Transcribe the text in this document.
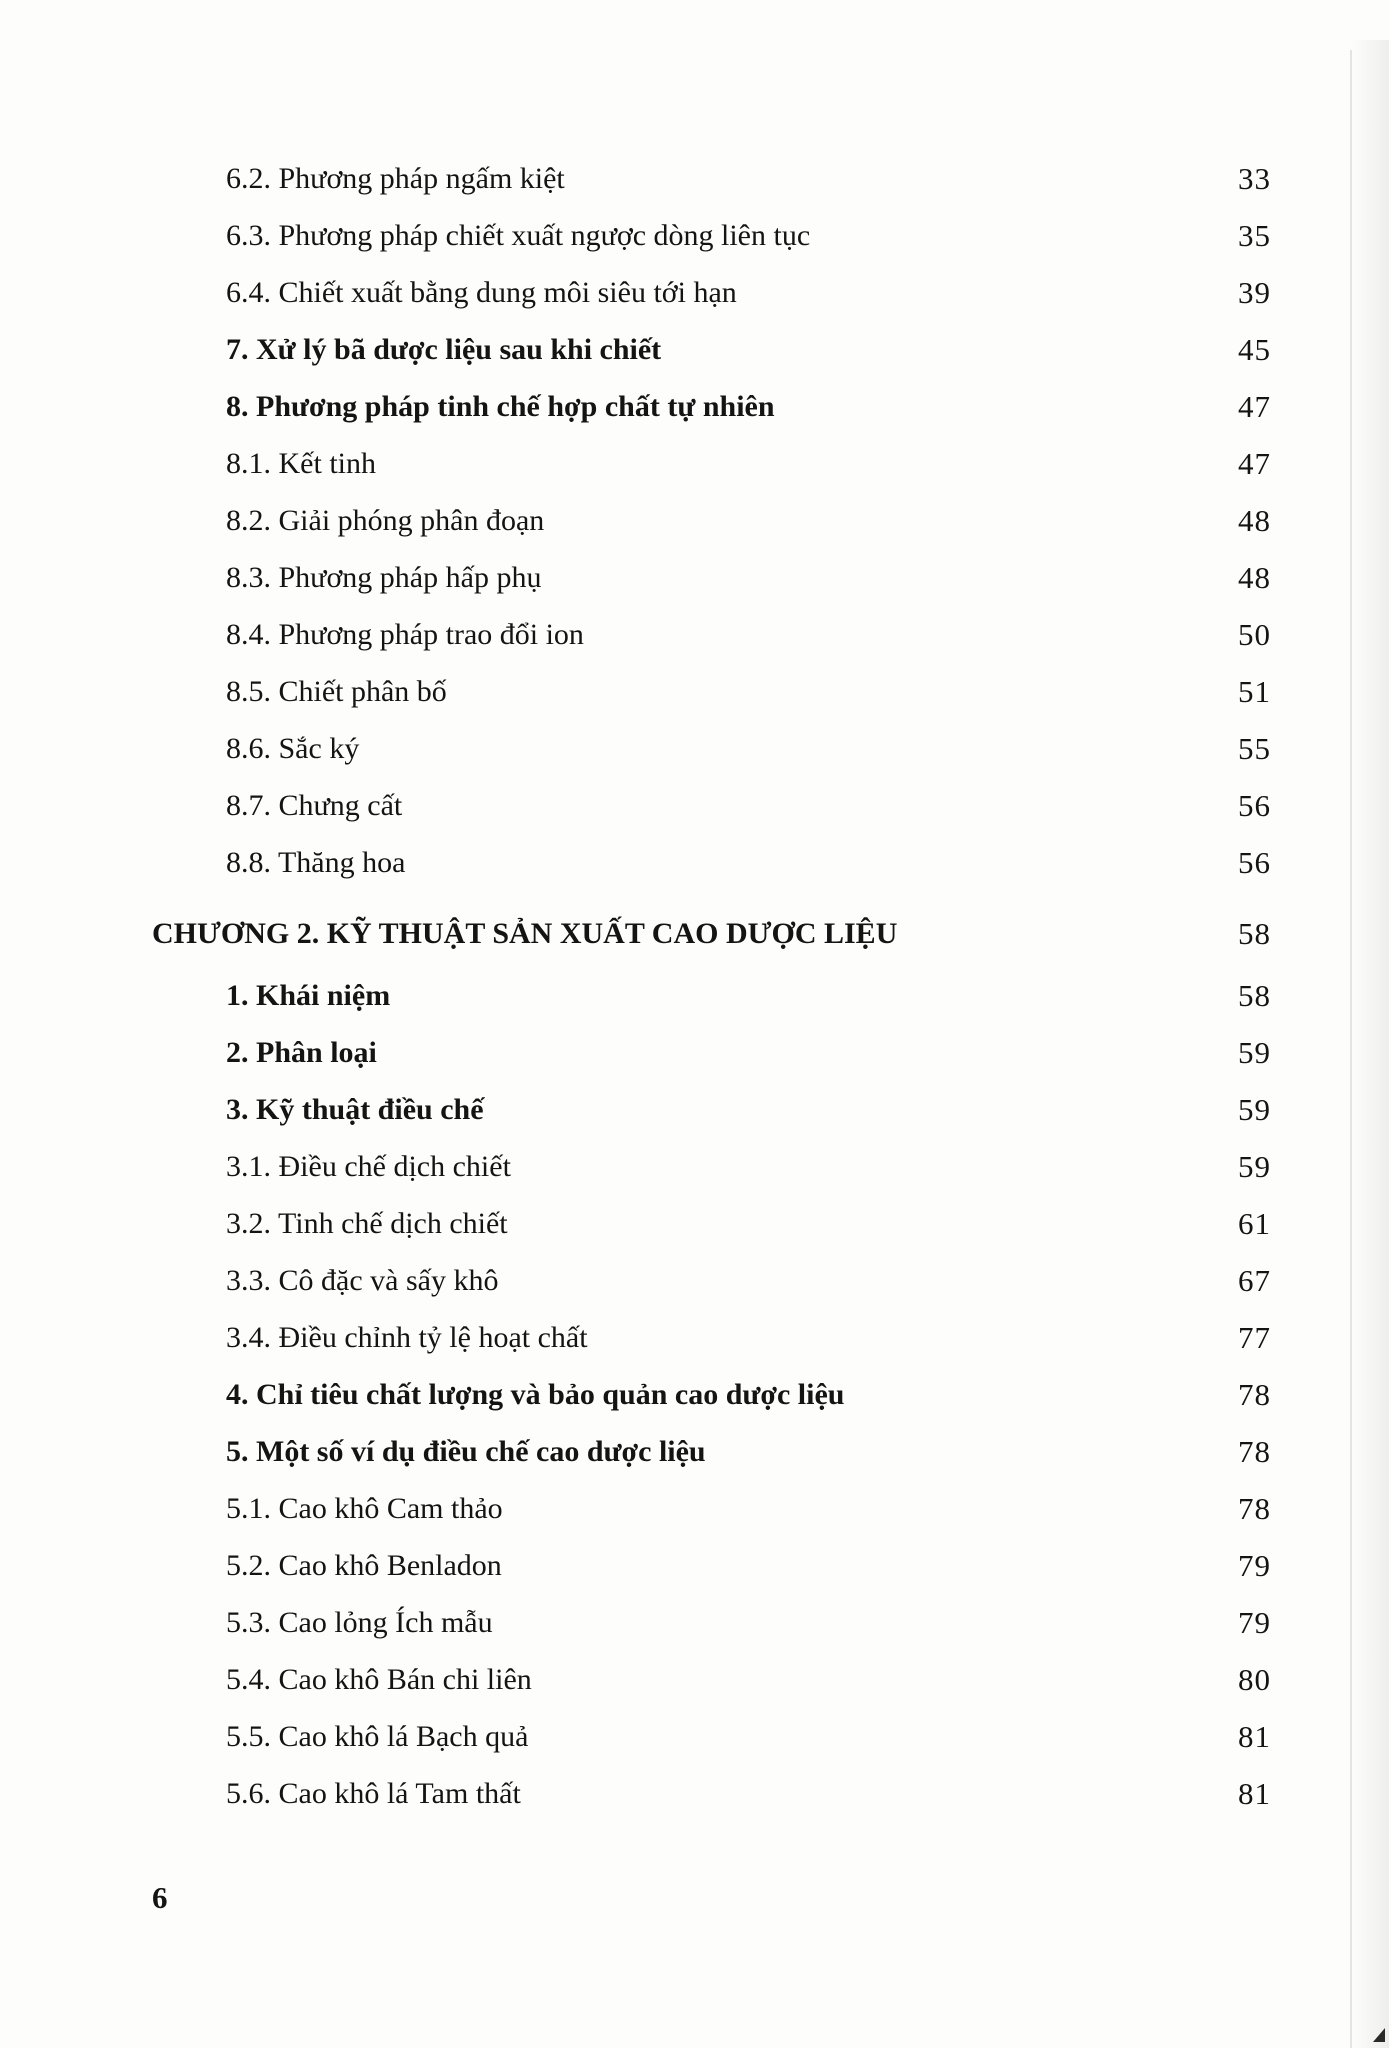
6.2. Phương pháp ngấm kiệt	33
6.3. Phương pháp chiết xuất ngược dòng liên tục	35
6.4. Chiết xuất bằng dung môi siêu tới hạn	39
7. Xử lý bã dược liệu sau khi chiết	45
8. Phương pháp tinh chế hợp chất tự nhiên	47
8.1. Kết tinh	47
8.2. Giải phóng phân đoạn	48
8.3. Phương pháp hấp phụ	48
8.4. Phương pháp trao đổi ion	50
8.5. Chiết phân bố	51
8.6. Sắc ký	55
8.7. Chưng cất	56
8.8. Thăng hoa	56
CHƯƠNG 2. KỸ THUẬT SẢN XUẤT CAO DƯỢC LIỆU	58
1. Khái niệm	58
2. Phân loại	59
3. Kỹ thuật điều chế	59
3.1. Điều chế dịch chiết	59
3.2. Tinh chế dịch chiết	61
3.3. Cô đặc và sấy khô	67
3.4. Điều chỉnh tỷ lệ hoạt chất	77
4. Chỉ tiêu chất lượng và bảo quản cao dược liệu	78
5. Một số ví dụ điều chế cao dược liệu	78
5.1. Cao khô Cam thảo	78
5.2. Cao khô Benladon	79
5.3. Cao lỏng Ích mẫu	79
5.4. Cao khô Bán chi liên	80
5.5. Cao khô lá Bạch quả	81
5.6. Cao khô lá Tam thất	81
6
